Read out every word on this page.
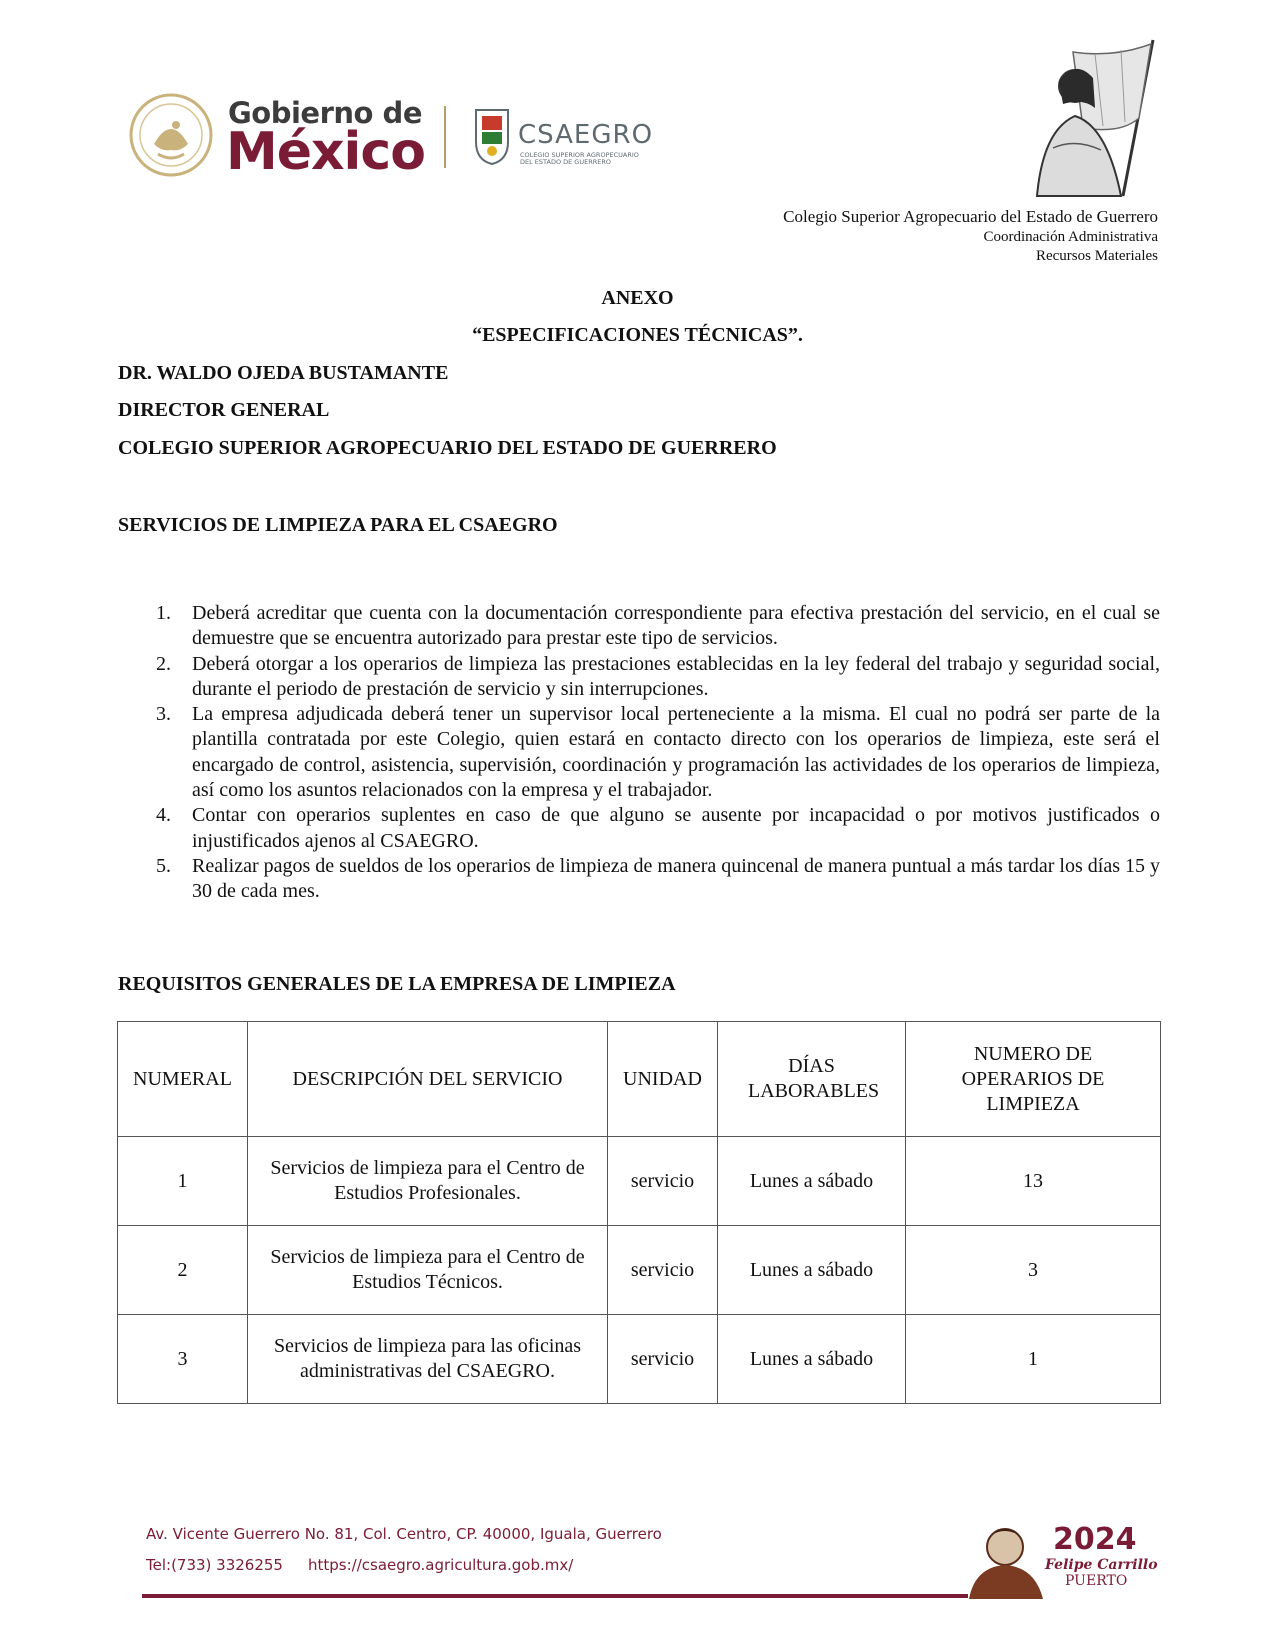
Gobierno de
México	CSAEGRO
COLEGIO SUPERIOR AGROPECUARIO DEL ESTADO DE GUERRERO
Colegio Superior Agropecuario del Estado de Guerrero
Coordinación Administrativa
Recursos Materiales
ANEXO
“ESPECIFICACIONES TÉCNICAS”.
DR. WALDO OJEDA BUSTAMANTE
DIRECTOR GENERAL
COLEGIO SUPERIOR AGROPECUARIO DEL ESTADO DE GUERRERO
SERVICIOS DE LIMPIEZA PARA EL CSAEGRO
1. Deberá acreditar que cuenta con la documentación correspondiente para efectiva prestación del servicio, en el cual se demuestre que se encuentra autorizado para prestar este tipo de servicios.
2. Deberá otorgar a los operarios de limpieza las prestaciones establecidas en la ley federal del trabajo y seguridad social, durante el periodo de prestación de servicio y sin interrupciones.
3. La empresa adjudicada deberá tener un supervisor local perteneciente a la misma. El cual no podrá ser parte de la plantilla contratada por este Colegio, quien estará en contacto directo con los operarios de limpieza, este será el encargado de control, asistencia, supervisión, coordinación y programación las actividades de los operarios de limpieza, así como los asuntos relacionados con la empresa y el trabajador.
4. Contar con operarios suplentes en caso de que alguno se ausente por incapacidad o por motivos justificados o injustificados ajenos al CSAEGRO.
5. Realizar pagos de sueldos de los operarios de limpieza de manera quincenal de manera puntual a más tardar los días 15 y 30 de cada mes.
REQUISITOS GENERALES DE LA EMPRESA DE LIMPIEZA
NUMERAL	DESCRIPCIÓN DEL SERVICIO	UNIDAD	DÍAS LABORABLES	NUMERO DE OPERARIOS DE LIMPIEZA
1	Servicios de limpieza para el Centro de Estudios Profesionales.	servicio	Lunes a sábado	13
2	Servicios de limpieza para el Centro de Estudios Técnicos.	servicio	Lunes a sábado	3
3	Servicios de limpieza para las oficinas administrativas del CSAEGRO.	servicio	Lunes a sábado	1
Av. Vicente Guerrero No. 81, Col. Centro, CP. 40000, Iguala, Guerrero
Tel:(733) 3326255 https://csaegro.agricultura.gob.mx/
2024
Felipe Carrillo
PUERTO
